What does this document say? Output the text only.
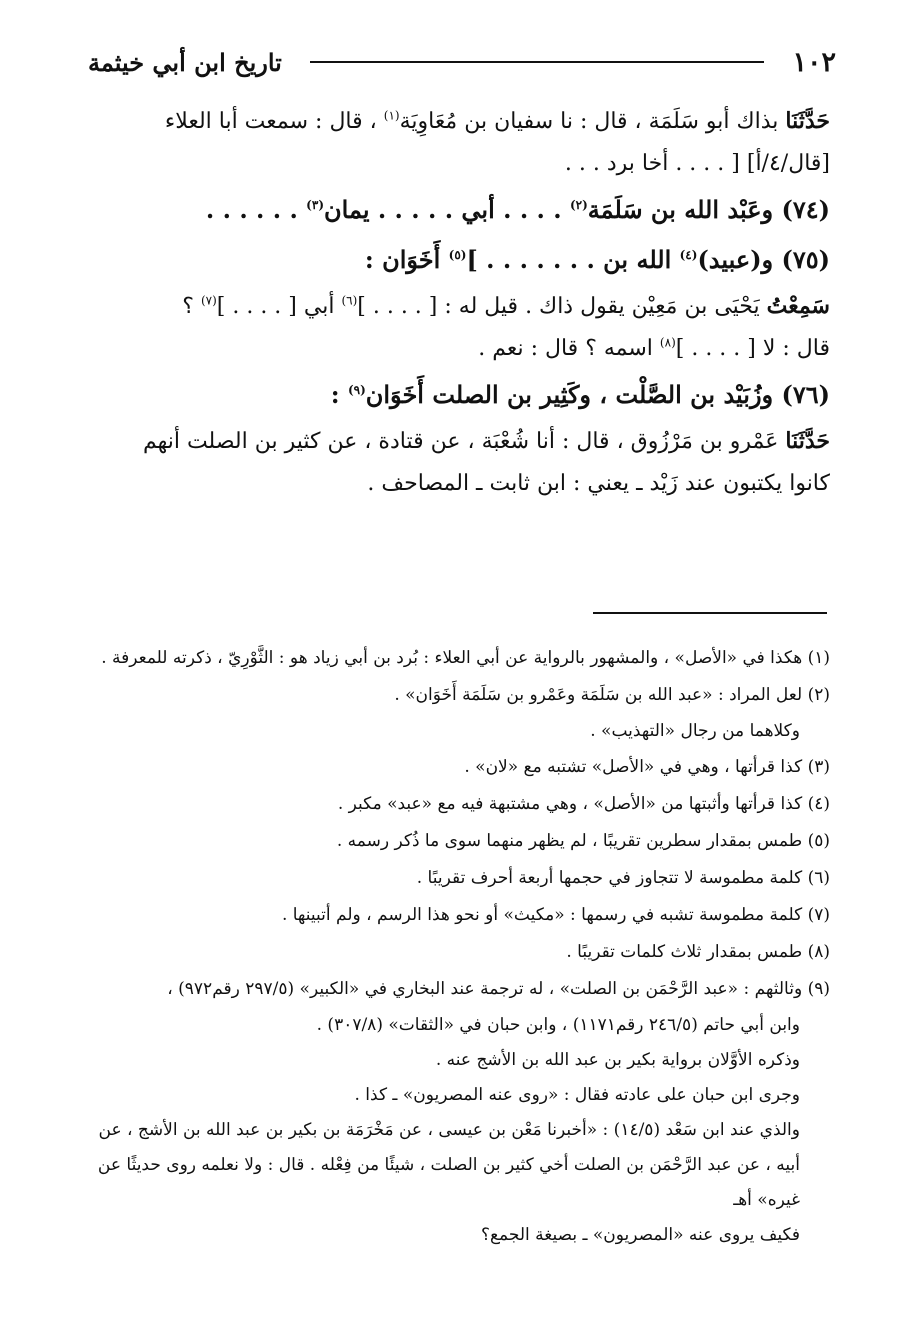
١٠٢
تاريخ ابن أبي خيثمة

حَدَّثَنَا بذاك أبو سَلَمَة ، قال : نا سفيان بن مُعَاوِيَة$^{(١)}$ ، قال : سمعت أبا العلاء

[قال/٤/أ] [ . . . . أخا برد . . .

(٧٤) وعَبْد الله بن سَلَمَة$^{(٢)}$ . . . . أبي . . . . . يمان$^{(٣)}$ . . . . . .

(٧٥) و(عبيد)$^{(٤)}$ الله بن . . . . . . . ]$^{(٥)}$ أَخَوَان :

سَمِعْتُ يَحْيَى بن مَعِيْن يقول ذاك . قيل له : [ . . . . ]$^{(٦)}$ أبي [ . . . . ]$^{(٧)}$ ؟

قال : لا [ . . . . ]$^{(٨)}$ اسمه ؟ قال : نعم .

(٧٦) وزُبَيْد بن الصَّلْت ، وكَثِير بن الصلت أَخَوَان$^{(٩)}$ :

حَدَّثَنَا عَمْرو بن مَرْزُوق ، قال : أنا شُعْبَة ، عن قتادة ، عن كثير بن الصلت أنهم

كانوا يكتبون عند زَيْد ـ يعني : ابن ثابت ـ المصاحف .

(١) هكذا في «الأصل» ، والمشهور بالرواية عن أبي العلاء : بُرد بن أبي زياد هو : الثَّوْرِيّ ، ذكرته للمعرفة .

(٢) لعل المراد : «عبد الله بن سَلَمَة وعَمْرو بن سَلَمَة أَخَوَان» .

وكلاهما من رجال «التهذيب» .

(٣) كذا قرأتها ، وهي في «الأصل» تشتبه مع «لان» .

(٤) كذا قرأتها وأثبتها من «الأصل» ، وهي مشتبهة فيه مع «عبد» مكبر .

(٥) طمس بمقدار سطرين تقريبًا ، لم يظهر منهما سوى ما ذُكر رسمه .

(٦) كلمة مطموسة لا تتجاوز في حجمها أربعة أحرف تقريبًا .

(٧) كلمة مطموسة تشبه في رسمها : «مكيث» أو نحو هذا الرسم ، ولم أتبينها .

(٨) طمس بمقدار ثلاث كلمات تقريبًا .

(٩) وثالثهم : «عبد الرَّحْمَن بن الصلت» ، له ترجمة عند البخاري في «الكبير» (٢٩٧/٥ رقم٩٧٢) ،

وابن أبي حاتم (٢٤٦/٥ رقم١١٧١) ، وابن حبان في «الثقات» (٣٠٧/٨) .

وذكره الأوَّلان برواية بكير بن عبد الله بن الأشج عنه .

وجرى ابن حبان على عادته فقال : «روى عنه المصريون» ـ كذا .

والذي عند ابن سَعْد (١٤/٥) : «أخبرنا مَعْن بن عيسى ، عن مَخْرَمَة بن بكير بن عبد الله بن الأشج ، عن

أبيه ، عن عبد الرَّحْمَن بن الصلت أخي كثير بن الصلت ، شيئًا من فِعْله . قال : ولا نعلمه روى حديثًا عن

غيره» أهـ

فكيف يروى عنه «المصريون» ـ بصيغة الجمع؟
